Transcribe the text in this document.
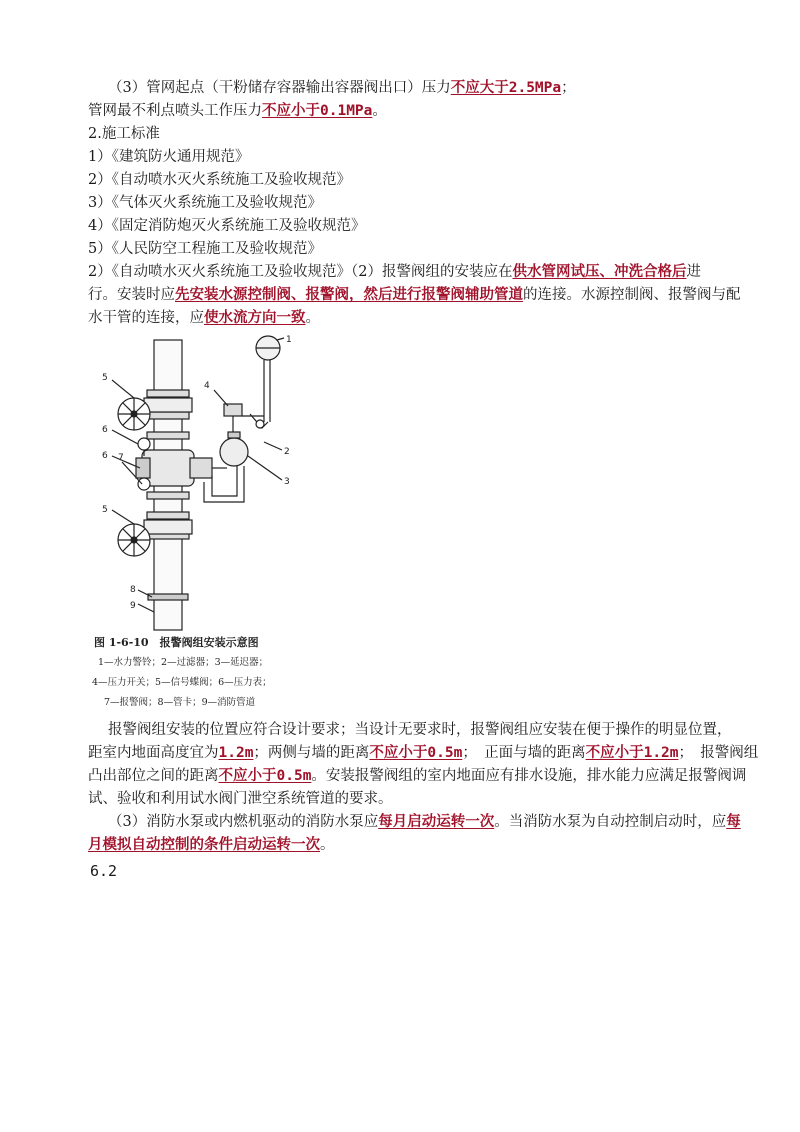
（3）管网起点（干粉储存容器输出容器阀出口）压力不应大于2.5MPa；
管网最不利点喷头工作压力不应小于0.1MPa。
2.施工标准
1）《建筑防火通用规范》
2）《自动喷水灭火系统施工及验收规范》
3）《气体灭火系统施工及验收规范》
4）《固定消防炮灭火系统施工及验收规范》
5）《人民防空工程施工及验收规范》
2）《自动喷水灭火系统施工及验收规范》（2）报警阀组的安装应在供水管网试压、冲洗合格后进
行。安装时应先安装水源控制阀、报警阀，然后进行报警阀辅助管道的连接。水源控制阀、报警阀与配
水干管的连接，应使水流方向一致。
1
2
3
4
5
6
6 7
5
8
9
图 1-6-10　报警阀组安装示意图
1—水力警铃；2—过滤器；3—延迟器；
4—压力开关；5—信号蝶阀；6—压力表；
7—报警阀；8—管卡；9—消防管道
报警阀组安装的位置应符合设计要求；当设计无要求时，报警阀组应安装在便于操作的明显位置，
距室内地面高度宜为1.2m；两侧与墙的距离不应小于0.5m；　正面与墙的距离不应小于1.2m；　报警阀组
凸出部位之间的距离不应小于0.5m。安装报警阀组的室内地面应有排水设施，排水能力应满足报警阀调
试、验收和利用试水阀门泄空系统管道的要求。
（3）消防水泵或内燃机驱动的消防水泵应每月启动运转一次。当消防水泵为自动控制启动时，应每
月模拟自动控制的条件启动运转一次。
6.2
